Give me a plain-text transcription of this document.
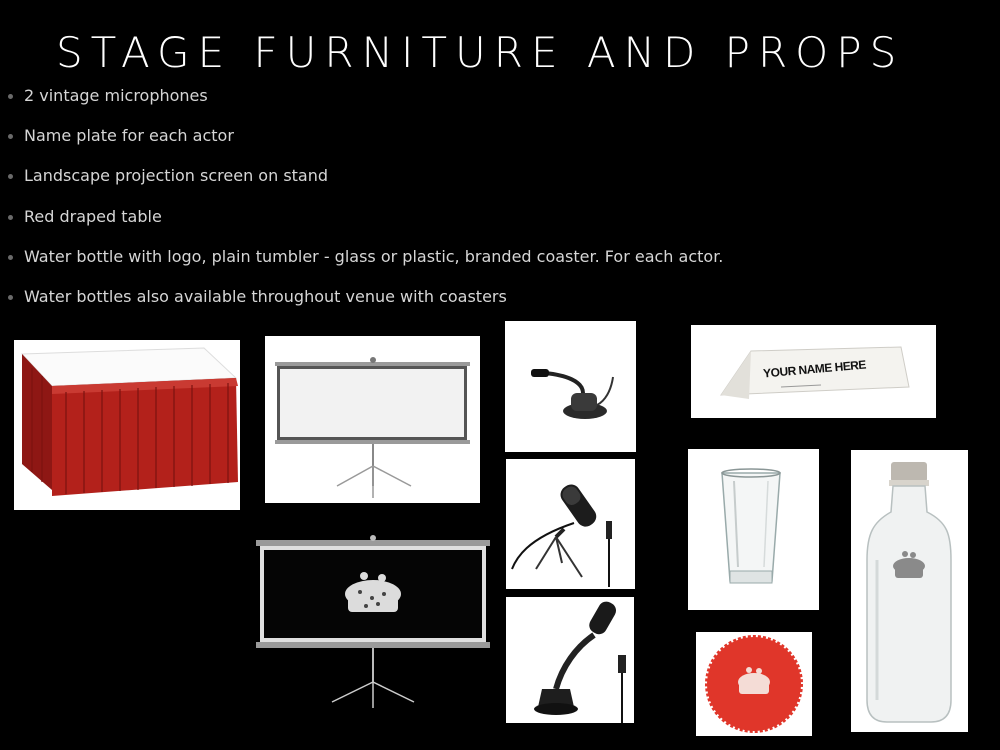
STAGE FURNITURE AND PROPS
2 vintage microphones
Name plate for each actor
Landscape projection screen on stand
Red draped table
Water bottle with logo, plain tumbler - glass or plastic, branded coaster. For each actor.
Water bottles also available throughout venue with coasters
YOUR NAME HERE
